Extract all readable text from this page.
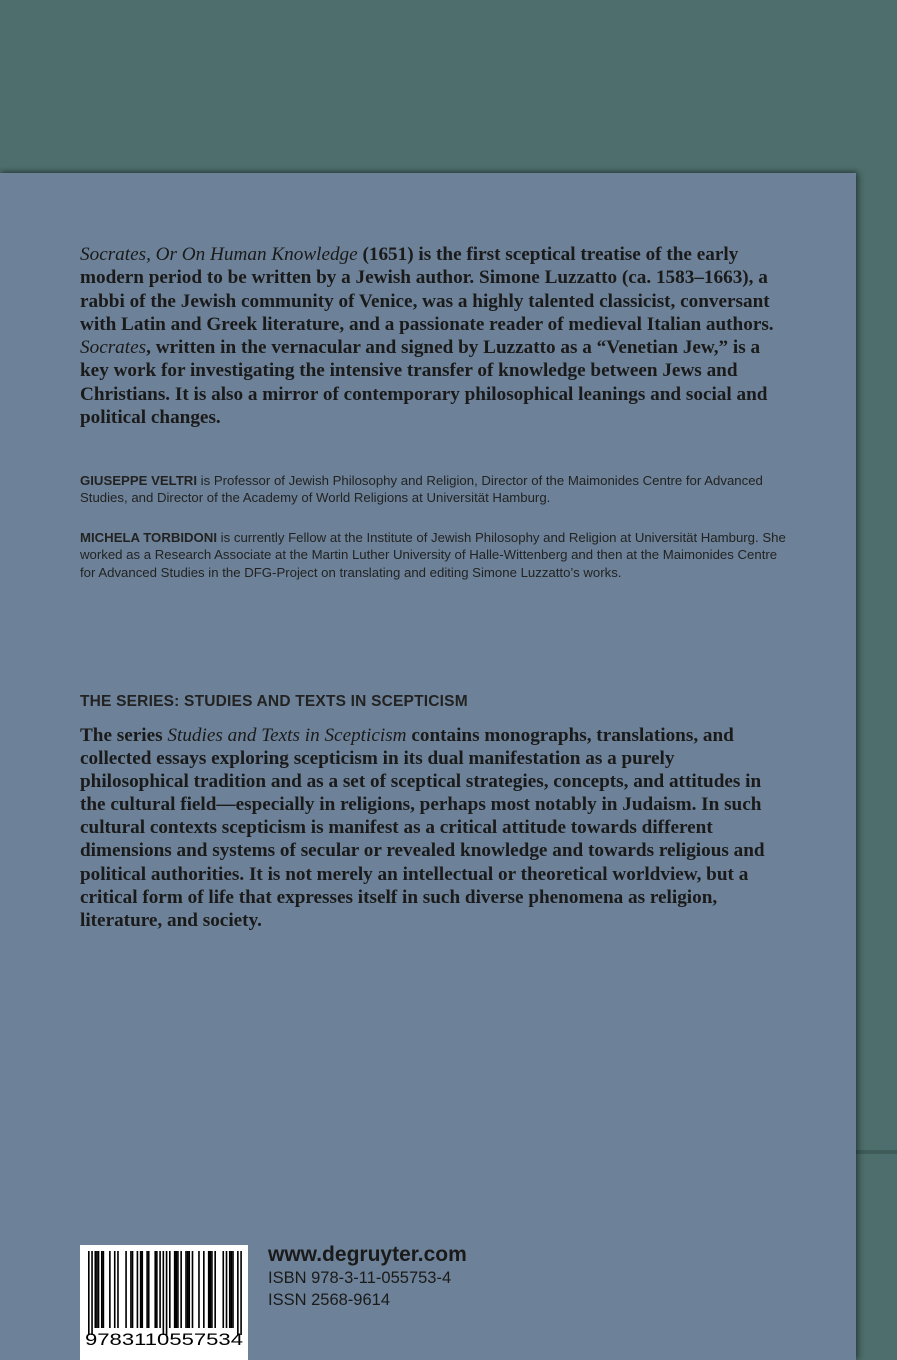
Socrates, Or On Human Knowledge (1651) is the first sceptical treatise of the early modern period to be written by a Jewish author. Simone Luzzatto (ca. 1583–1663), a rabbi of the Jewish community of Venice, was a highly talented classicist, conversant with Latin and Greek literature, and a passionate reader of medieval Italian authors. Socrates, written in the vernacular and signed by Luzzatto as a “Venetian Jew,” is a key work for investigating the intensive transfer of knowledge between Jews and Christians. It is also a mirror of contemporary philosophical leanings and social and political changes.

GIUSEPPE VELTRI is Professor of Jewish Philosophy and Religion, Director of the Maimonides Centre for Advanced Studies, and Director of the Academy of World Religions at Universität Hamburg.

MICHELA TORBIDONI is currently Fellow at the Institute of Jewish Philosophy and Religion at Universität Hamburg. She worked as a Research Associate at the Martin Luther University of Halle-Wittenberg and then at the Maimonides Centre for Advanced Studies in the DFG-Project on translating and editing Simone Luzzatto’s works.

THE SERIES: STUDIES AND TEXTS IN SCEPTICISM

The series Studies and Texts in Scepticism contains monographs, translations, and collected essays exploring scepticism in its dual manifestation as a purely philosophical tradition and as a set of sceptical strategies, concepts, and attitudes in the cultural field—especially in religions, perhaps most notably in Judaism. In such cultural contexts scepticism is manifest as a critical attitude towards different dimensions and systems of secular or revealed knowledge and towards religious and political authorities. It is not merely an intellectual or theoretical worldview, but a critical form of life that expresses itself in such diverse phenomena as religion, literature, and society.

9783110557534
www.degruyter.com
ISBN 978-3-11-055753-4
ISSN 2568-9614
